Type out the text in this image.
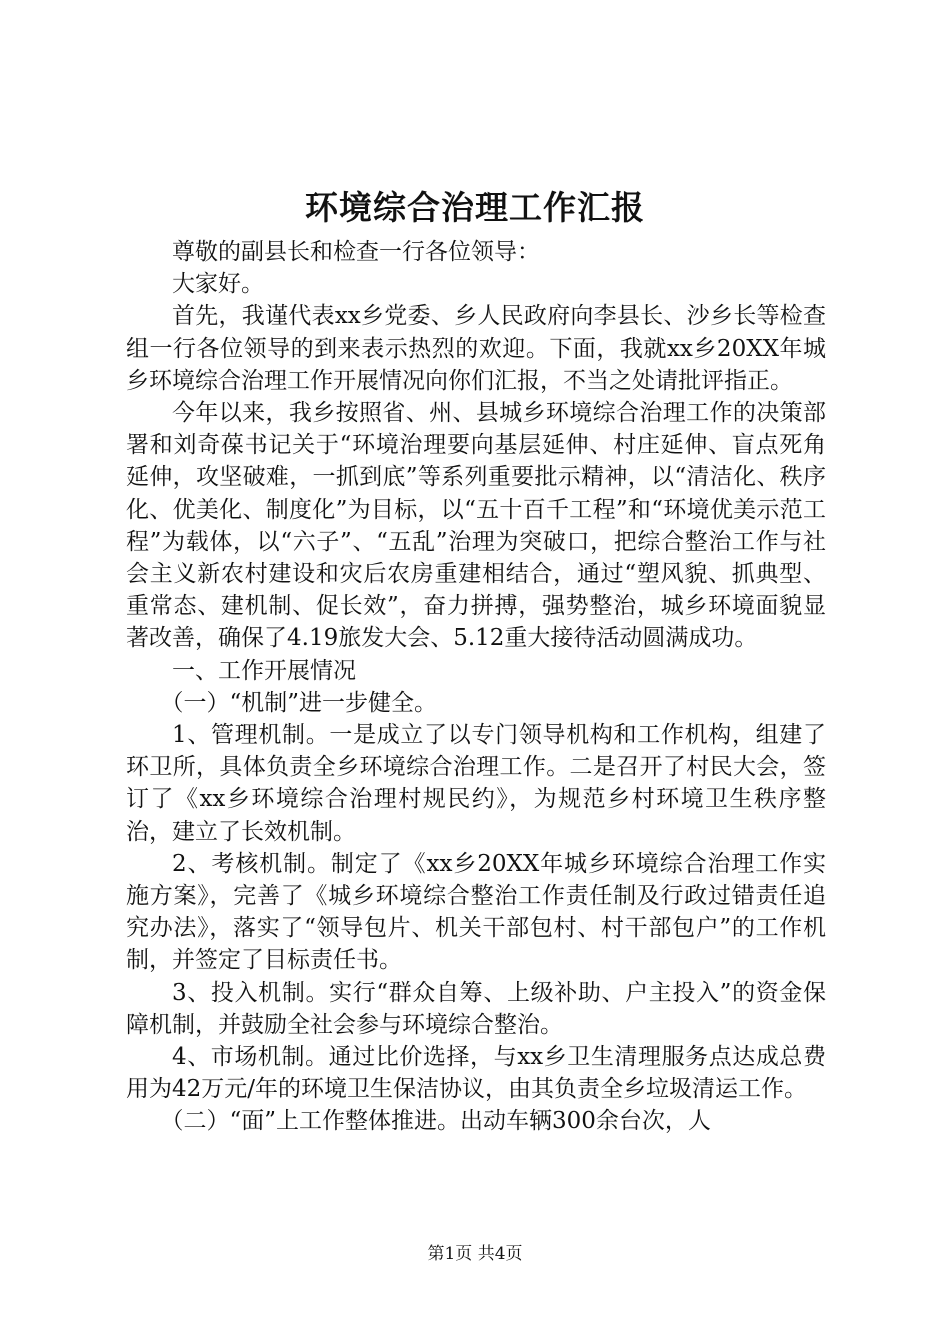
环境综合治理工作汇报

尊敬的副县长和检查一行各位领导：

大家好。

首先，我谨代表xx乡党委、乡人民政府向李县长、沙乡长等检查组一行各位领导的到来表示热烈的欢迎。下面，我就xx乡20XX年城乡环境综合治理工作开展情况向你们汇报，不当之处请批评指正。

今年以来，我乡按照省、州、县城乡环境综合治理工作的决策部署和刘奇葆书记关于“环境治理要向基层延伸、村庄延伸、盲点死角延伸，攻坚破难，一抓到底”等系列重要批示精神，以“清洁化、秩序化、优美化、制度化”为目标，以“五十百千工程”和“环境优美示范工程”为载体，以“六子”、“五乱”治理为突破口，把综合整治工作与社会主义新农村建设和灾后农房重建相结合，通过“塑风貌、抓典型、重常态、建机制、促长效”，奋力拼搏，强势整治，城乡环境面貌显著改善，确保了4.19旅发大会、5.12重大接待活动圆满成功。

一、工作开展情况

（一）“机制”进一步健全。

1、管理机制。一是成立了以专门领导机构和工作机构，组建了环卫所，具体负责全乡环境综合治理工作。二是召开了村民大会，签订了《xx乡环境综合治理村规民约》，为规范乡村环境卫生秩序整治，建立了长效机制。

2、考核机制。制定了《xx乡20XX年城乡环境综合治理工作实施方案》，完善了《城乡环境综合整治工作责任制及行政过错责任追究办法》，落实了“领导包片、机关干部包村、村干部包户”的工作机制，并签定了目标责任书。

3、投入机制。实行“群众自筹、上级补助、户主投入”的资金保障机制，并鼓励全社会参与环境综合整治。

4、市场机制。通过比价选择，与xx乡卫生清理服务点达成总费用为42万元/年的环境卫生保洁协议，由其负责全乡垃圾清运工作。

（二）“面”上工作整体推进。出动车辆300余台次，人

第1页 共4页
